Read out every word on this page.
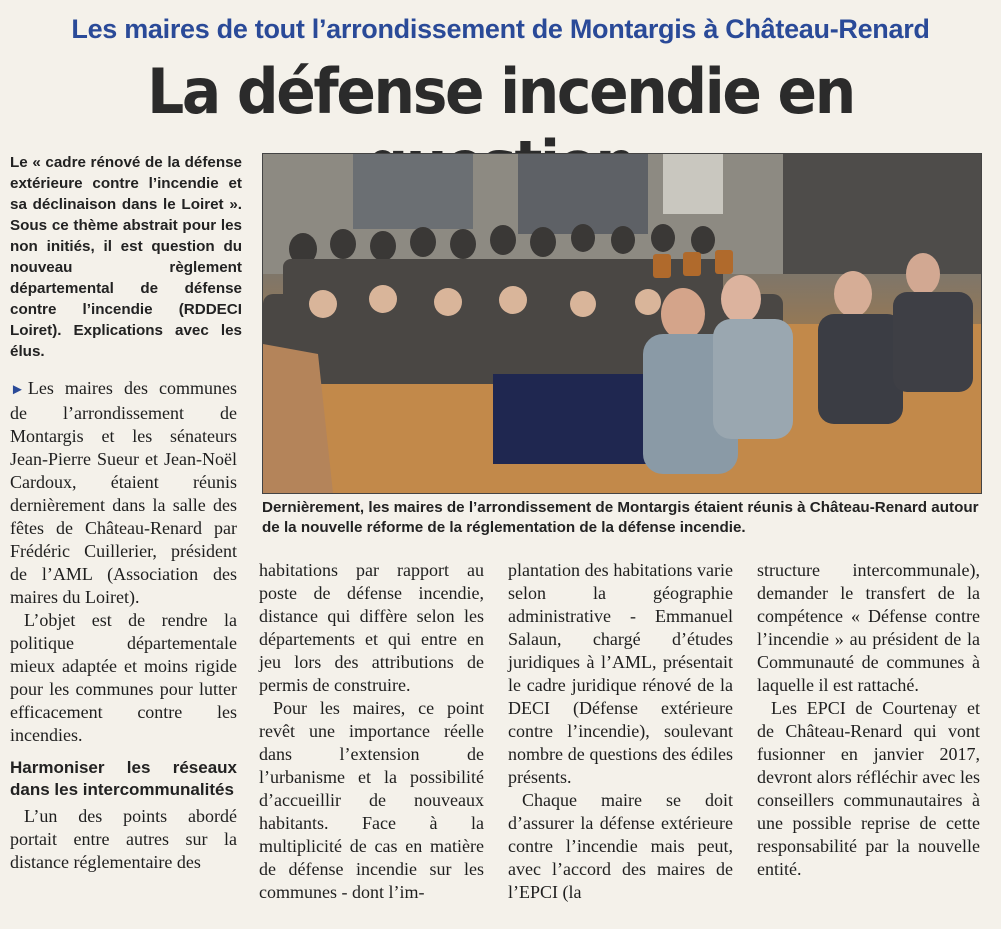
Les maires de tout l’arrondissement de Montargis à Château-Renard
La défense incendie en

Le « cadre rénové de la défense extérieure contre l’incendie et sa déclinaison dans le Loiret ». Sous ce thème abstrait pour les non initiés, il est question du nouveau règlement départemental de défense contre l’incendie (RDDECI Loiret). Explications avec les élus.

Dernièrement, les maires de l’arrondissement de Montargis étaient réunis à Château-Renard autour de la nouvelle réforme de la réglementation de la défense incendie.

► Les maires des communes de l’arrondissement de Montargis et les sénateurs Jean-Pierre Sueur et Jean-Noël Cardoux, étaient réunis dernièrement dans la salle des fêtes de Château-Renard par Frédéric Cuillerier, président de l’AML (Association des maires du Loiret).

L’objet est de rendre la politique départementale mieux adaptée et moins rigide pour les communes pour lutter efficacement contre les incendies.

Harmoniser les réseaux dans les intercommunalités

L’un des points abordé portait entre autres sur la distance réglementaire des

habitations par rapport au poste de défense incendie, distance qui diffère selon les départements et qui entre en jeu lors des attributions de permis de construire.

Pour les maires, ce point revêt une importance réelle dans l’extension de l’urbanisme et la possibilité d’accueillir de nouveaux habitants. Face à la multiplicité de cas en matière de défense incendie sur les communes - dont l’im-

plantation des habitations varie selon la géographie administrative - Emmanuel Salaun, chargé d’études juridiques à l’AML, présentait le cadre juridique rénové de la DECI (Défense extérieure contre l’incendie), soulevant nombre de questions des édiles présents.

Chaque maire se doit d’assurer la défense extérieure contre l’incendie mais peut, avec l’accord des maires de l’EPCI (la

structure intercommunale), demander le transfert de la compétence « Défense contre l’incendie » au président de la Communauté de communes à laquelle il est rattaché.

Les EPCI de Courtenay et de Château-Renard qui vont fusionner en janvier 2017, devront alors réfléchir avec les conseillers communautaires à une possible reprise de cette responsabilité par la nouvelle entité.
